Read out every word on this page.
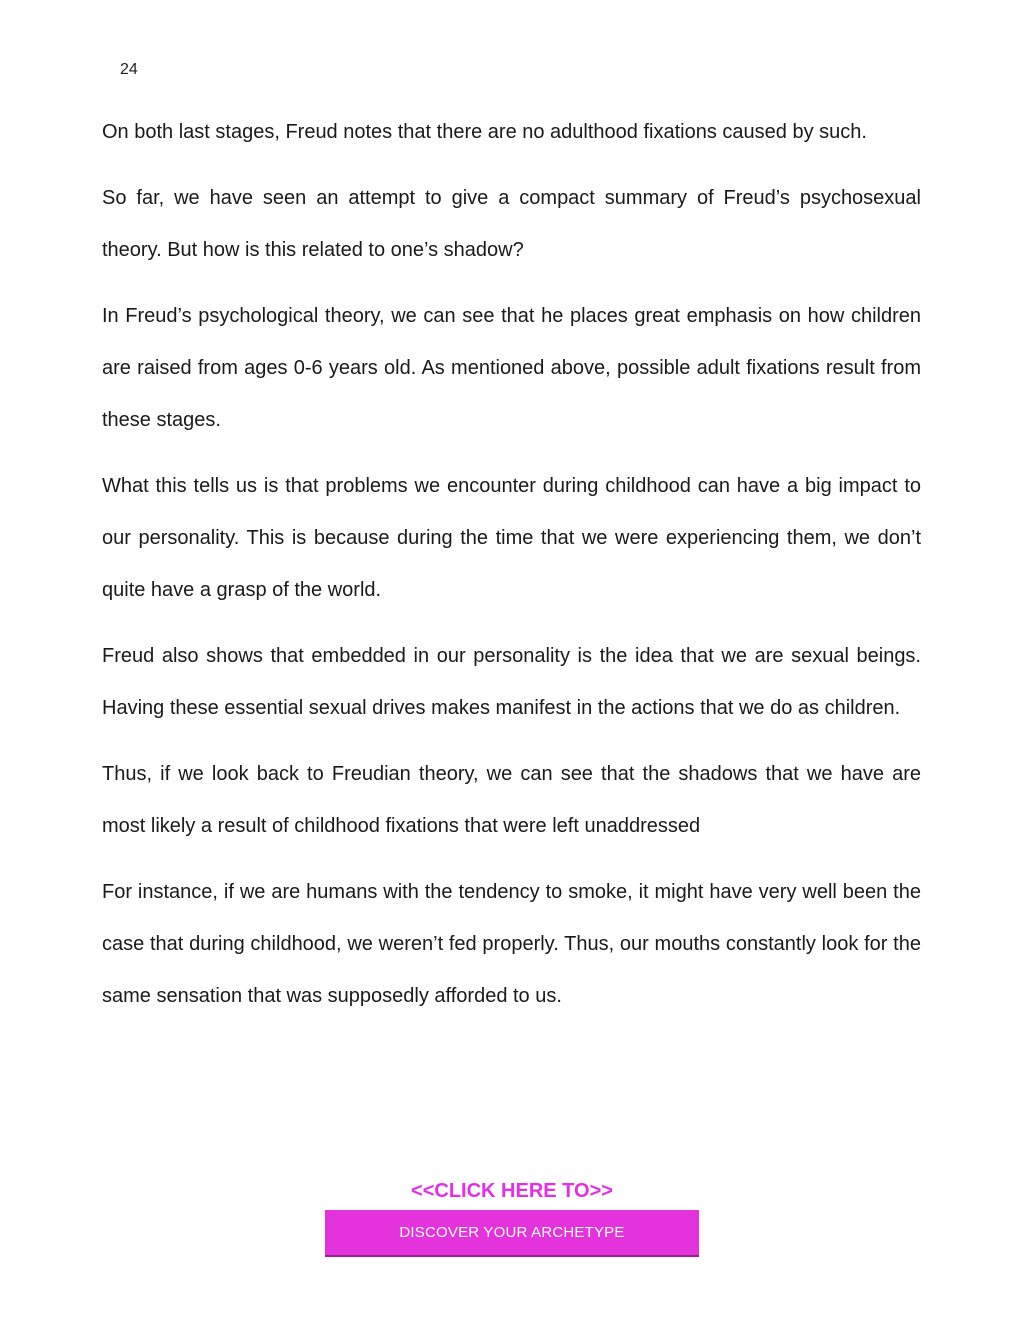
24

On both last stages, Freud notes that there are no adulthood fixations caused by such.

So far, we have seen an attempt to give a compact summary of Freud’s psychosexual theory. But how is this related to one’s shadow?

In Freud’s psychological theory, we can see that he places great emphasis on how children are raised from ages 0-6 years old. As mentioned above, possible adult fixations result from these stages.

What this tells us is that problems we encounter during childhood can have a big impact to our personality. This is because during the time that we were experiencing them, we don’t quite have a grasp of the world.

Freud also shows that embedded in our personality is the idea that we are sexual beings. Having these essential sexual drives makes manifest in the actions that we do as children.

Thus, if we look back to Freudian theory, we can see that the shadows that we have are most likely a result of childhood fixations that were left unaddressed

For instance, if we are humans with the tendency to smoke, it might have very well been the case that during childhood, we weren’t fed properly. Thus, our mouths constantly look for the same sensation that was supposedly afforded to us.

<<CLICK HERE TO>>
DISCOVER YOUR ARCHETYPE
